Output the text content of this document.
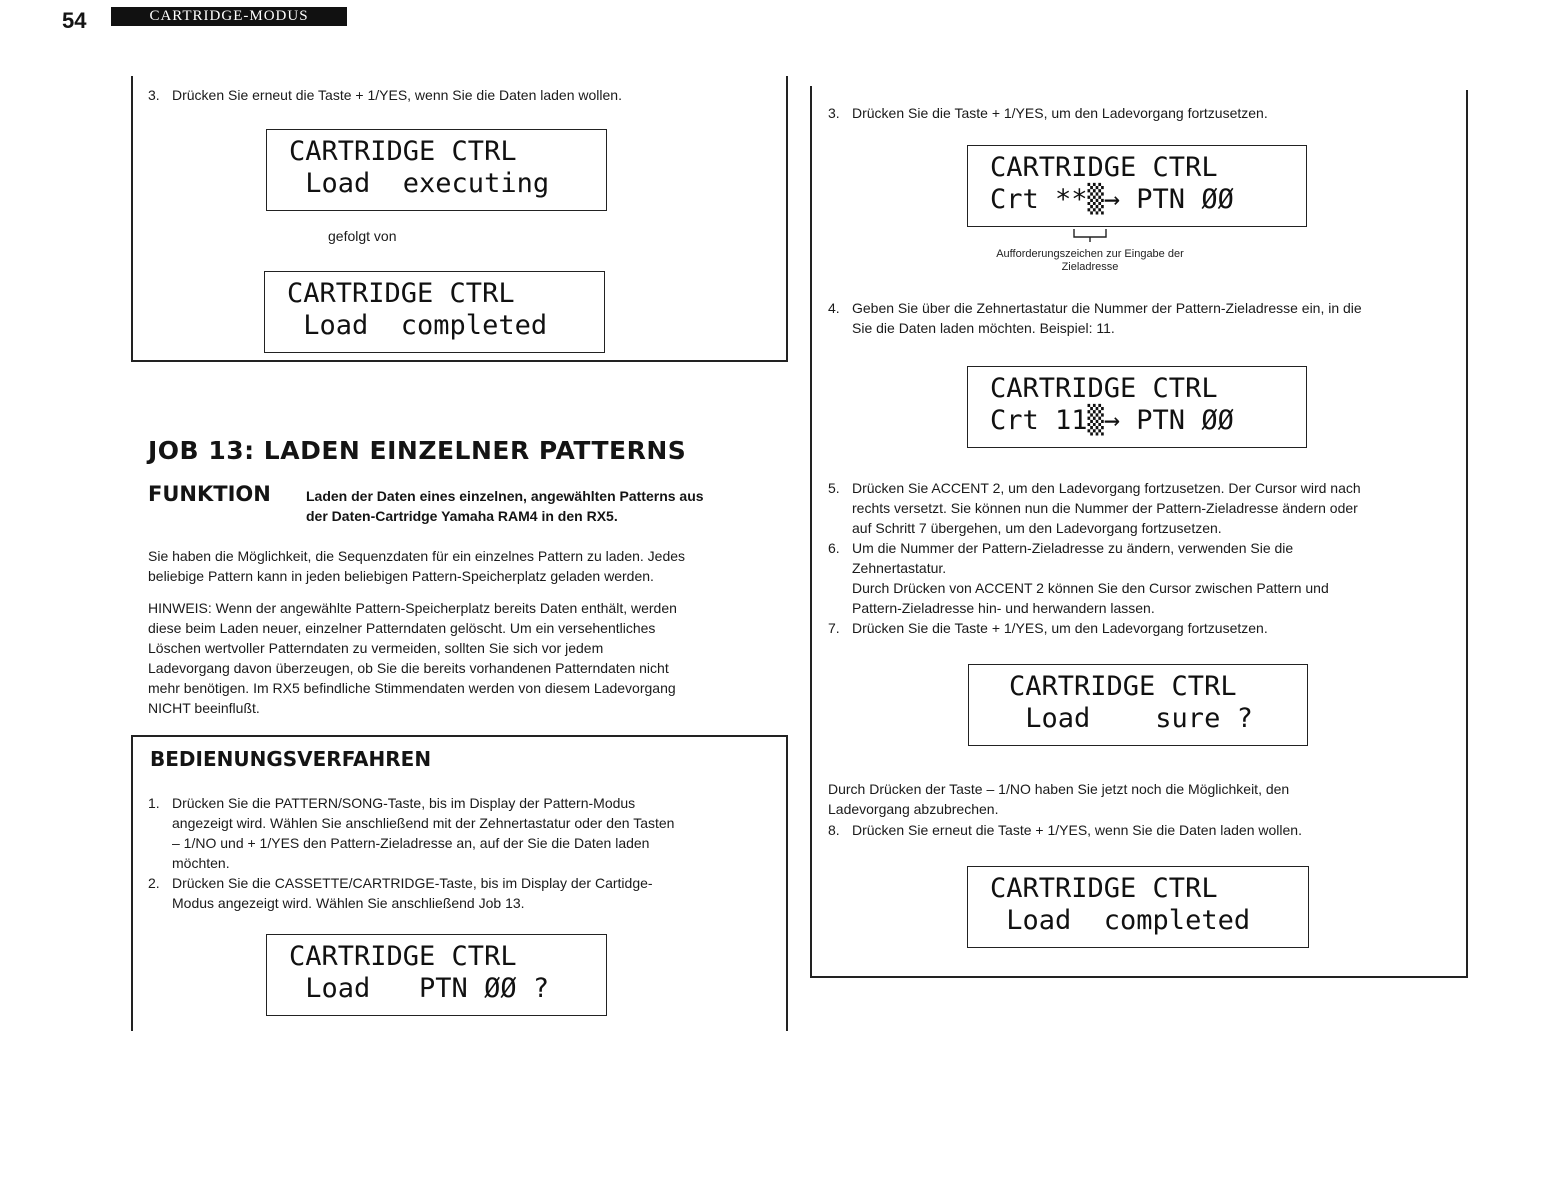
54	CARTRIDGE-MODUS
3. Drücken Sie erneut die Taste + 1/YES, wenn Sie die Daten laden wollen.

CARTRIDGE CTRL

Load  executing

gefolgt von

CARTRIDGE CTRL

Load  completed

JOB 13: LADEN EINZELNER PATTERNS
FUNKTION	Laden der Daten eines einzelnen, angewählten Patterns aus
der Daten-Cartridge Yamaha RAM4 in den RX5.
Sie haben die Möglichkeit, die Sequenzdaten für ein einzelnes Pattern zu laden. Jedes
beliebige Pattern kann in jeden beliebigen Pattern-Speicherplatz geladen werden.
HINWEIS: Wenn der angewählte Pattern-Speicherplatz bereits Daten enthält, werden
diese beim Laden neuer, einzelner Patterndaten gelöscht. Um ein versehentliches
Löschen wertvoller Patterndaten zu vermeiden, sollten Sie sich vor jedem
Ladevorgang davon überzeugen, ob Sie die bereits vorhandenen Patterndaten nicht
mehr benötigen. Im RX5 befindliche Stimmendaten werden von diesem Ladevorgang
NICHT beeinflußt.
BEDIENUNGSVERFAHREN
1. Drücken Sie die PATTERN/SONG-Taste, bis im Display der Pattern-Modus
angezeigt wird. Wählen Sie anschließend mit der Zehnertastatur oder den Tasten
– 1/NO und + 1/YES den Pattern-Zieladresse an, auf der Sie die Daten laden
möchten.
2. Drücken Sie die CASSETTE/CARTRIDGE-Taste, bis im Display der Cartidge-
Modus angezeigt wird. Wählen Sie anschließend Job 13.

CARTRIDGE CTRL

Load   PTN ØØ ?

3. Drücken Sie die Taste + 1/YES, um den Ladevorgang fortzusetzen.

CARTRIDGE CTRL

Crt **▒→ PTN ØØ

Aufforderungszeichen zur Eingabe der
Zieladresse
4. Geben Sie über die Zehnertastatur die Nummer der Pattern-Zieladresse ein, in die
Sie die Daten laden möchten. Beispiel: 11.

CARTRIDGE CTRL

Crt 11▒→ PTN ØØ

5. Drücken Sie ACCENT 2, um den Ladevorgang fortzusetzen. Der Cursor wird nach
rechts versetzt. Sie können nun die Nummer der Pattern-Zieladresse ändern oder
auf Schritt 7 übergehen, um den Ladevorgang fortzusetzen.
6. Um die Nummer der Pattern-Zieladresse zu ändern, verwenden Sie die
Zehnertastatur.
Durch Drücken von ACCENT 2 können Sie den Cursor zwischen Pattern und
Pattern-Zieladresse hin- und herwandern lassen.
7. Drücken Sie die Taste + 1/YES, um den Ladevorgang fortzusetzen.

CARTRIDGE CTRL

Load    sure ?

Durch Drücken der Taste – 1/NO haben Sie jetzt noch die Möglichkeit, den
Ladevorgang abzubrechen.
8. Drücken Sie erneut die Taste + 1/YES, wenn Sie die Daten laden wollen.

CARTRIDGE CTRL

Load  completed
